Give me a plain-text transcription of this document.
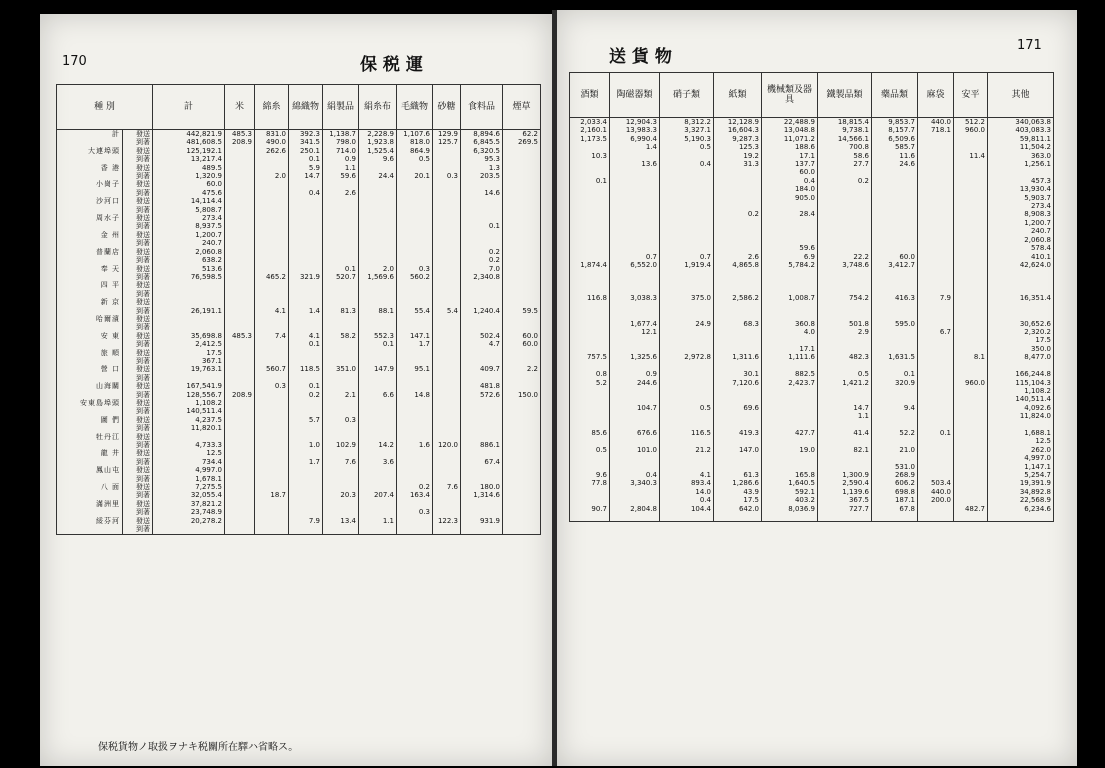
170	保 税 運
種 別		計	米	綿糸	綿織物	絹製品	絹糸布	毛織物	砂糖	食料品	煙草
計	發送	442,821.9	485.3	831.0	392.3	1,138.7	2,228.9	1,107.6	129.9	8,894.6	62.2
	到著	481,608.5	208.9	490.0	341.5	798.0	1,923.8	818.0	125.7	6,845.5	269.5
大連埠頭	發送	125,192.1		262.6	250.1	714.0	1,525.4	864.9		6,320.5	
	到著	13,217.4			0.1	0.9	9.6	0.5		95.3	
香 港	發送	489.5			5.9	1.1				1.3	
	到著	1,320.9		2.0	14.7	59.6	24.4	20.1	0.3	203.5	
小崗子	發送	60.0									
	到著	475.6			0.4	2.6				14.6	
沙河口	發送	14,114.4									
	到著	5,808.7									
周水子	發送	273.4									
	到著	8,937.5								0.1	
金 州	發送	1,200.7									
	到著	240.7									
普蘭店	發送	2,060.8								0.2	
	到著	638.2								0.2	
奉 天	發送	513.6				0.1	2.0	0.3		7.0	
	到著	76,598.5		465.2	321.9	520.7	1,569.6	560.2		2,340.8	
四 平	發送										
	到著										
新 京	發送										
	到著	26,191.1		4.1	1.4	81.3	88.1	55.4	5.4	1,240.4	59.5
哈爾濱	發送										
	到著										
安 東	發送	35,698.8	485.3	7.4	4.1	58.2	552.3	147.1		502.4	60.0
	到著	2,412.5			0.1		0.1	1.7		4.7	60.0
旅 順	發送	17.5									
	到著	367.1									
營 口	發送	19,763.1		560.7	118.5	351.0	147.9	95.1		409.7	2.2
	到著										
山海關	發送	167,541.9		0.3	0.1					481.8	
	到著	128,556.7	208.9		0.2	2.1	6.6	14.8		572.6	150.0
安東島埠頭	發送	1,108.2									
	到著	140,511.4									
圖 們	發送	4,237.5			5.7	0.3					
	到著	11,820.1									
牡丹江	發送										
	到著	4,733.3			1.0	102.9	14.2	1.6	120.0	886.1	
龍 井	發送	12.5									
	到著	734.4			1.7	7.6	3.6			67.4	
鳳山屯	發送	4,997.0									
	到著	1,678.1									
八 面	發送	7,275.5						0.2	7.6	180.0	
	到著	32,055.4		18.7		20.3	207.4	163.4		1,314.6	
滿洲里	發送	37,821.2									
	到著	23,748.9						0.3			
綏芬河	發送	20,278.2			7.9	13.4	1.1		122.3	931.9	
	到著										
保税貨物ノ取扱ヲナキ税關所在驛ハ省略ス。
送 貨 物
171
酒類	陶磁器類	硝子類	紙類	機械類及器具	鐵製品類	藥品類	麻袋	安平	其他
2,033.4	12,904.3	8,312.2	12,128.9	22,488.9	18,815.4	9,853.7	440.0	512.2	340,063.8
2,160.1	13,983.3	3,327.1	16,604.3	13,048.8	9,738.1	8,157.7	718.1	960.0	403,083.3
1,173.5	6,990.4	5,190.3	9,287.3	11,071.2	14,566.1	6,509.6			59,811.1
	1.4	0.5	125.3	188.6	700.8	585.7			11,504.2
10.3			19.2	17.1	58.6	11.6		11.4	363.0
	13.6	0.4	31.3	137.7	27.7	24.6			1,256.1
				60.0					
0.1				0.4	0.2				457.3
				184.0					13,930.4
				905.0					5,903.7
									273.4
			0.2	28.4					8,908.3
									1,200.7
									240.7
									2,060.8
				59.6					578.4
	0.7	0.7	2.6	6.9	22.2	60.0			410.1
1,874.4	6,552.0	1,919.4	4,865.8	5,784.2	3,748.6	3,412.7			42,624.0

116.8	3,038.3	375.0	2,586.2	1,008.7	754.2	416.3	7.9		16,351.4

	1,677.4	24.9	68.3	360.8	501.8	595.0			30,652.6
	12.1			4.0	2.9		6.7		2,320.2
									17.5
				17.1					350.0
757.5	1,325.6	2,972.8	1,311.6	1,111.6	482.3	1,631.5		8.1	8,477.0

0.8	0.9		30.1	882.5	0.5	0.1			166,244.8
5.2	244.6		7,120.6	2,423.7	1,421.2	320.9		960.0	115,104.3
									1,108.2
									140,511.4
	104.7	0.5	69.6		14.7	9.4			4,092.6
					1.1				11,824.0

85.6	676.6	116.5	419.3	427.7	41.4	52.2	0.1		1,688.1
									12.5
0.5	101.0	21.2	147.0	19.0	82.1	21.0			262.0
									4,997.0
						531.0			1,147.1
9.6	0.4	4.1	61.3	165.8	1,300.9	268.9			5,254.7
77.8	3,340.3	893.4	1,286.6	1,640.5	2,590.4	606.2	503.4		19,391.9
		14.0	43.9	592.1	1,139.6	698.8	440.0		34,892.8
		0.4	17.5	403.2	367.5	187.1	200.0		22,568.9
90.7	2,804.8	104.4	642.0	8,036.9	727.7	67.8		482.7	6,234.6
